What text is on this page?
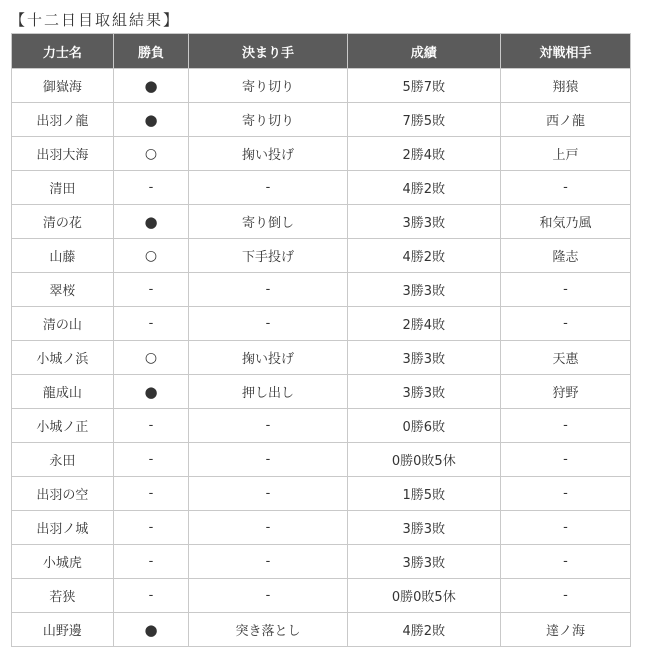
【十二日目取組結果】
力士名	勝負	決まり手	成績	対戦相手
御嶽海	●	寄り切り	5勝7敗	翔猿
出羽ノ龍	●	寄り切り	7勝5敗	西ノ龍
出羽大海	○	掬い投げ	2勝4敗	上戸
清田	-	-	4勝2敗	-
清の花	●	寄り倒し	3勝3敗	和気乃風
山藤	○	下手投げ	4勝2敗	隆志
翠桜	-	-	3勝3敗	-
清の山	-	-	2勝4敗	-
小城ノ浜	○	掬い投げ	3勝3敗	天惠
龍成山	●	押し出し	3勝3敗	狩野
小城ノ正	-	-	0勝6敗	-
永田	-	-	0勝0敗5休	-
出羽の空	-	-	1勝5敗	-
出羽ノ城	-	-	3勝3敗	-
小城虎	-	-	3勝3敗	-
若狭	-	-	0勝0敗5休	-
山野邊	●	突き落とし	4勝2敗	達ノ海
